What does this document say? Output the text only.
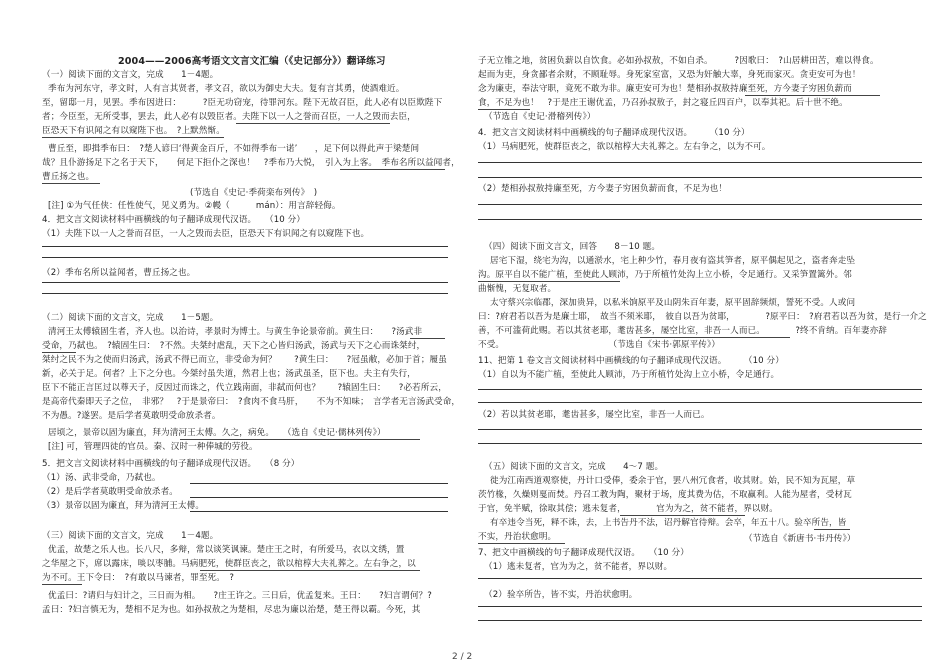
2004——2006高考语文文言文汇编（《史记部分》）翻译练习
2 / 2
（一）阅读下面的文言文，完成　　1－4题。
季布为河东守，孝文时，人有言其贤者，孝文召，欲以为御史大夫。复有言其勇，使酒难近。
至，留邸一月，见罢。季布因进曰：　　　?臣无功窃宠，待罪河东。陛下无故召臣，此人必有以臣欺陛下
者；今臣至，无所受事，罢去，此人必有以毁臣者。夫陛下以一人之誉而召臣，一人之毁而去臣，
臣恐天下有识闻之有以窥陛下也。　?上默然惭。
曹丘至，即揖季布曰：　?楚人谚曰‘得黄金百斤，不如得季布一诺’　　，足下何以得此声于梁楚间
哉？且仆游扬足下之名于天下，　　何足下拒仆之深也！　?季布乃大悦，　引入为上客。　季布名所以益闻者，
曹丘扬之也。
(节选自《史记·季荷栾布列传》　)
[注] ①为气任侠：任性使气，见义勇为。②幔（　　　mán）：用言辞轻侮。
4．把文言文阅读材料中画横线的句子翻译成现代汉语。　　（10 分）
（1）夫陛下以一人之誉而召臣，一人之毁而去臣，臣恐天下有识闻之有以窥陛下也。
（2）季布名所以益闻者，曹丘扬之也。
（二）阅读下面的文言文，完成　　1－5题。
清河王太傅辕固生者，齐人也。以治诗，孝景时为博士。与黄生争论景帝前。黄生曰：　　?汤武非
受命，乃弑也。　?辕固生曰：　?不然。夫桀纣虐乱，天下之心皆归汤武，汤武与天下之心而诛桀纣，
桀纣之民不为之使而归汤武，汤武不得已而立，非受命为何？　　?黄生曰：　　?冠虽敝，必加于首；履虽
新，必关于足。何者？上下之分也。今桀纣虽失道，然君上也；汤武虽圣，臣下也。夫主有失行，
臣下不能正言匡过以尊天子，反因过而诛之，代立践南面，非弑而何也？　　?辕固生曰：　　?必若所云，
是高帝代秦即天子之位，　非邪？　?于是景帝曰：　?食肉不食马肝，　　不为不知味；　言学者无言汤武受命，
不为愚。?遂罢。是后学者莫敢明受命放杀者。
居顷之，景帝以固为廉直，拜为清河王太傅。久之，病免。　　（选自《史记·儒林列传》）
[注] 可，管理四徒的官员。秦、汉时一种俸城的劳役。
5．把文言文阅读材料中画横线的句子翻译成现代汉语。　　（8 分）
（1）汤、武非受命，乃弑也。
（2）是后学者莫敢明受命放杀者。
（3）景帝以固为廉直，拜为清河王太傅。
（三）阅读下面的文言文，完成　　1－4题。
优孟，故楚之乐人也。长八尺，多辩，常以谈笑讽谏。楚庄王之时，有所爱马，衣以文绣，置
之华屋之下，席以露床，啖以枣脯。马病肥死，使群臣丧之，欲以棺椁大夫礼葬之。左右争之，以
为不可。王下令曰：　?有敢以马谏者，罪至死。　?
优孟曰：?请归与妇计之，三日而为相。　　?庄王许之。三日后，优孟复来。王曰：　　?妇言谓何？?
孟曰：?妇言慎无为，楚相不足为也。如孙叔敖之为楚相，尽忠为廉以治楚，楚王得以霸。今死，其
子无立锥之地，贫困负薪以自饮食。必如孙叔敖，不如自杀。　　　?因歌曰：　?山居耕田苦，难以得食。
起而为吏，身贪鄙者余财，不顾耻辱。身死家室富，又恐为奸触大辜，身死而家灭。贪吏安可为也！
念为廉吏，奉法守职，竟死不敢为非。廉吏安可为也！楚相孙叔敖持廉至死，方今妻子穷困负薪而
食，不足为也！　?于是庄王谢优孟，乃召孙叔敖子，封之寝丘四百户，以奉其祀。后十世不绝。
（节选自《史记·滑稽列传》）
4．把文言文阅读材料中画横线的句子翻译成现代汉语。　　　（10 分）
（1）马病肥死，使群臣丧之，欲以棺椁大夫礼葬之。左右争之，以为不可。
（2）楚相孙叔敖持廉至死，方今妻子穷困负薪而食，不足为也！
（四）阅读下面文言文，回答　　8－10 题。
居宅下湿，绕宅为沟，以通淤水，宅上种少竹，春月夜有盗其笋者，原平偶起见之，盗者奔走坠
沟。原平自以不能广植，至使此人顾沛，乃于所植竹处沟上立小桥，令足通行。又采笋置篱外。邻
曲惭愧，无复取者。
太守蔡兴宗临郡，深加贵异，以私米饷原平及山阴朱百年妻，原平固辞频烦，誓死不受。人或问
曰：?府君若以吾为是廉士耶，　故当不须米耶，　彼自以吾为贫耶，　　　　?原平曰：　?府君若以吾为贫，是行一介之
善，不可滥荷此赐。若以其贫老耶，耄齿甚多，屡空比室，非吾一人而已。　　　　?终不肯纳。百年妻亦辞
不受。　　　　　　　　　　　　　（节选自《宋书·郭原平传》）
11、把第 1 卷文言文阅读材料中画横线的句子翻译成现代汉语。　　　（10 分）
（1）自以为不能广植，至使此人顾沛，乃于所植竹处沟上立小桥，令足通行。
（2）若以其贫老耶，耄齿甚多，屡空比室，非吾一人而已。
（五）阅读下面的文言文，完成　　4～7 题。
徙为江南西道观察使，丹计口受俸，委余于官，罢八州冗食者，收其财。始，民不知为瓦屋，草
茨竹椽，久燥则戛而焚。丹召工教为陶，聚材于场，度其费为估，不取赢利。人能为屋者，受材瓦
于官，免半赋，徐取其偿；逃未复者，　　　　官为为之，贫不能者，界以财。　　　　
有卒违令当死，释不诛，去，上书告丹不法，诏丹解官待辩。会卒，年五十八。验卒所告，皆
不实，丹治状愈明。	（节选自《新唐书·韦丹传》）
7、把文中画横线的句子翻译成现代汉语。　　（10 分）
（1）逃未复者，官为为之，贫不能者，界以财。
（2）验卒所告，皆不实，丹治状愈明。
